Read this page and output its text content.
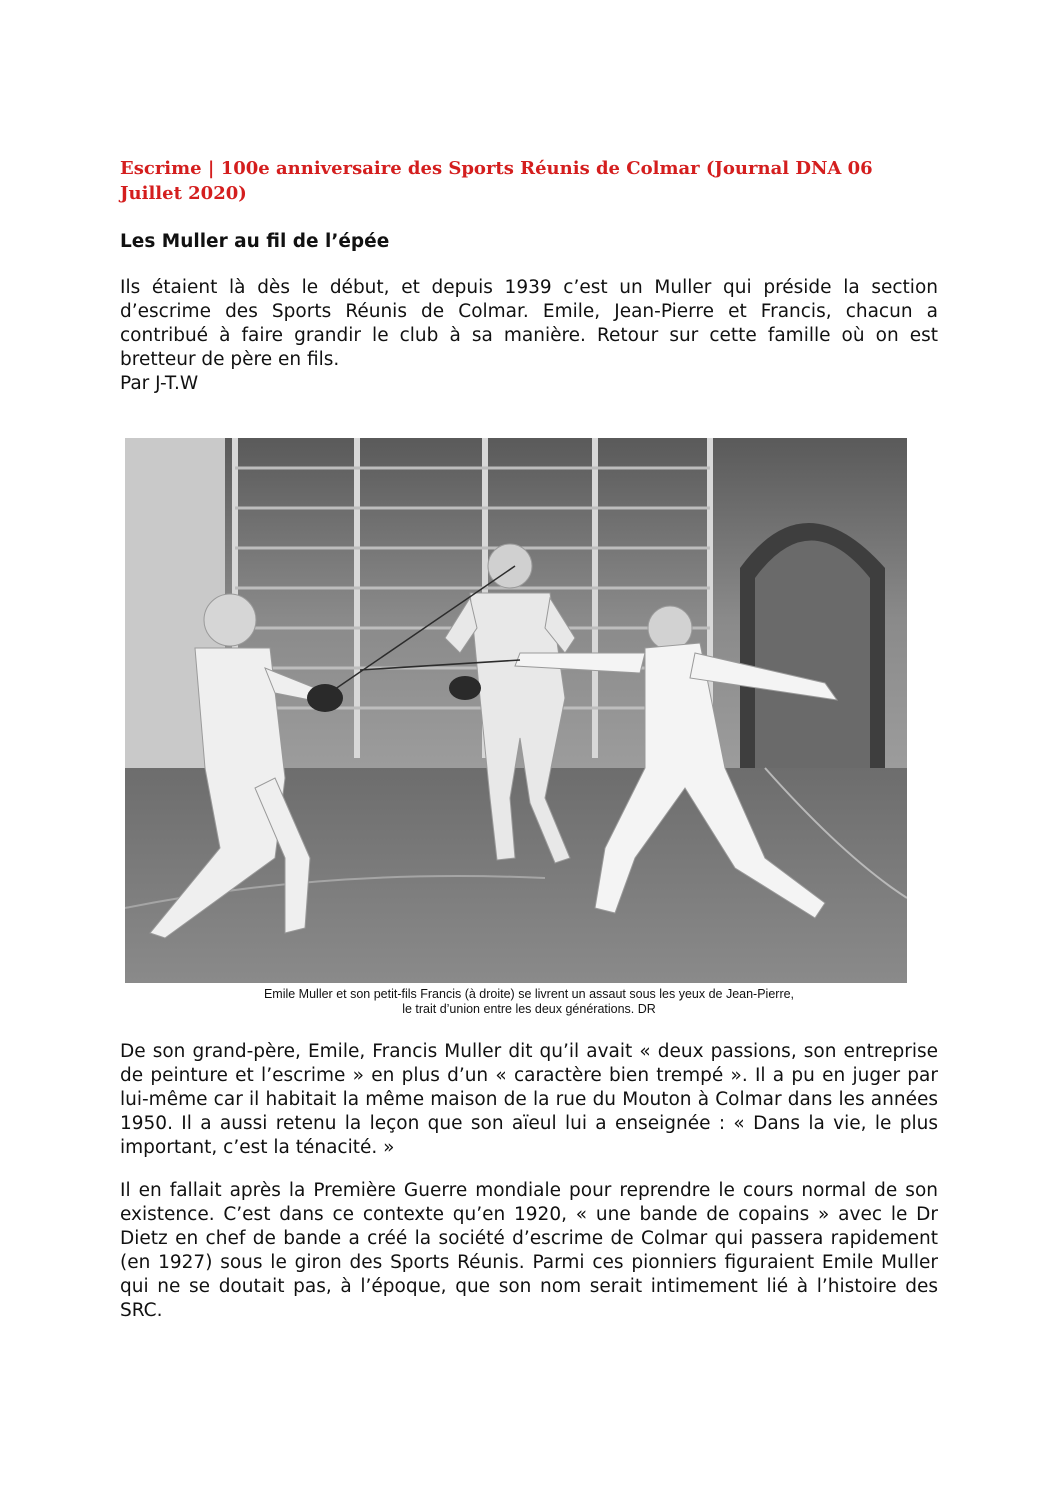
Escrime | 100e anniversaire des Sports Réunis de Colmar (Journal DNA 06 Juillet 2020)
Les Muller au fil de l’épée

Ils étaient là dès le début, et depuis 1939 c’est un Muller qui préside la section d’escrime des Sports Réunis de Colmar. Emile, Jean-Pierre et Francis, chacun a contribué à faire grandir le club à sa manière. Retour sur cette famille où on est bretteur de père en fils.

Par J-T.W
Emile Muller et son petit-fils Francis (à droite) se livrent un assaut sous les yeux de Jean-Pierre,
le trait d’union entre les deux générations. DR

De son grand-père, Emile, Francis Muller dit qu’il avait « deux passions, son entreprise de peinture et l’escrime » en plus d’un « caractère bien trempé ». Il a pu en juger par lui-même car il habitait la même maison de la rue du Mouton à Colmar dans les années 1950. Il a aussi retenu la leçon que son aïeul lui a enseignée : « Dans la vie, le plus important, c’est la ténacité. »

Il en fallait après la Première Guerre mondiale pour reprendre le cours normal de son existence. C’est dans ce contexte qu’en 1920, « une bande de copains » avec le Dr Dietz en chef de bande a créé la société d’escrime de Colmar qui passera rapidement (en 1927) sous le giron des Sports Réunis. Parmi ces pionniers figuraient Emile Muller qui ne se doutait pas, à l’époque, que son nom serait intimement lié à l’histoire des SRC.
